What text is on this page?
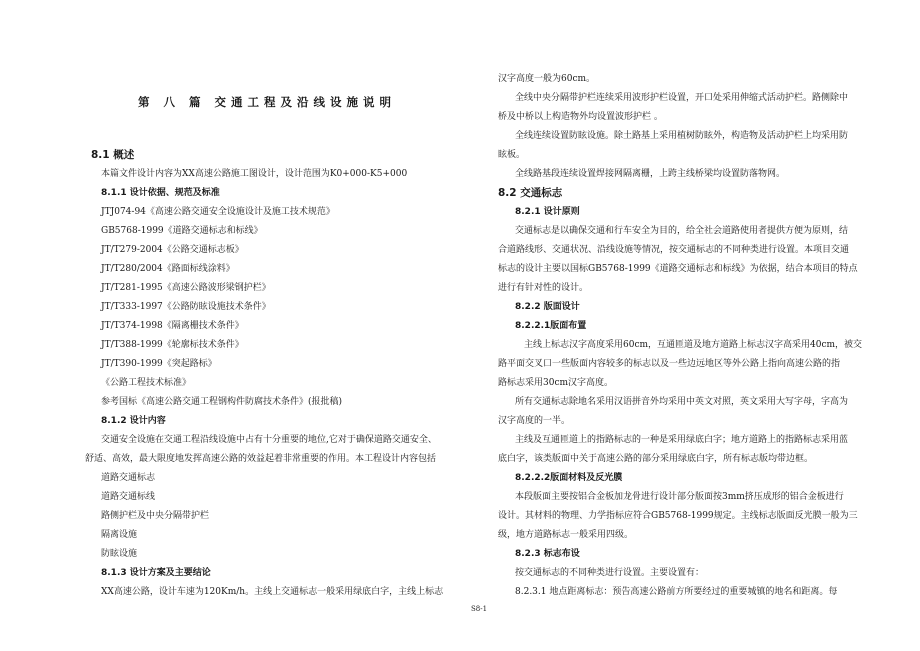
第 八 篇 交通工程及沿线设施说明
8.1 概述
本篇文件设计内容为XX高速公路施工图设计，设计范围为K0+000-K5+000
8.1.1 设计依据、规范及标准
JTJ074-94《高速公路交通安全设施设计及施工技术规范》
GB5768-1999《道路交通标志和标线》
JT/T279-2004《公路交通标志板》
JT/T280/2004《路面标线涂料》
JT/T281-1995《高速公路波形梁钢护栏》
JT/T333-1997《公路防眩设施技术条件》
JT/T374-1998《隔离栅技术条件》
JT/T388-1999《轮廓标技术条件》
JT/T390-1999《突起路标》
《公路工程技术标准》
参考国标《高速公路交通工程钢构件防腐技术条件》(报批稿)
8.1.2 设计内容
交通安全设施在交通工程沿线设施中占有十分重要的地位,它对于确保道路交通安全、
舒适、高效，最大限度地发挥高速公路的效益起着非常重要的作用。本工程设计内容包括
道路交通标志
道路交通标线
路侧护栏及中央分隔带护栏
隔离设施
防眩设施
8.1.3 设计方案及主要结论
XX高速公路，设计车速为120Km/h。主线上交通标志一般采用绿底白字，主线上标志
汉字高度一般为60cm。
全线中央分隔带护栏连续采用波形护栏设置，开口处采用伸缩式活动护栏。路侧除中
桥及中桥以上构造物外均设置波形护栏 。
全线连续设置防眩设施。除土路基上采用植树防眩外，构造物及活动护栏上均采用防
眩板。
全线路基段连续设置焊接网隔离栅，上跨主线桥梁均设置防落物网。
8.2 交通标志
8.2.1 设计原则
交通标志是以确保交通和行车安全为目的，给全社会道路使用者提供方便为原则，结
合道路线形、交通状况、沿线设施等情况，按交通标志的不同种类进行设置。本项目交通
标志的设计主要以国标GB5768-1999《道路交通标志和标线》为依据，结合本项目的特点
进行有针对性的设计。
8.2.2 版面设计
8.2.2.1版面布置
主线上标志汉字高度采用60cm，互通匝道及地方道路上标志汉字高采用40cm，被交
路平面交叉口一些版面内容较多的标志以及一些边远地区等外公路上指向高速公路的指
路标志采用30cm汉字高度。
所有交通标志除地名采用汉语拼音外均采用中英文对照，英文采用大写字母，字高为
汉字高度的一半。
主线及互通匝道上的指路标志的一种是采用绿底白字；地方道路上的指路标志采用蓝
底白字，该类版面中关于高速公路的部分采用绿底白字，所有标志版均带边框。
8.2.2.2版面材料及反光膜
本段版面主要按铝合金板加龙骨进行设计部分版面按3mm挤压成形的铝合金板进行
设计。其材料的物理、力学指标应符合GB5768-1999规定。主线标志版面反光膜一般为三
级，地方道路标志一般采用四级。
8.2.3 标志布设
按交通标志的不同种类进行设置。主要设置有：
8.2.3.1 地点距离标志：预告高速公路前方所要经过的重要城镇的地名和距离。每
S8-1
